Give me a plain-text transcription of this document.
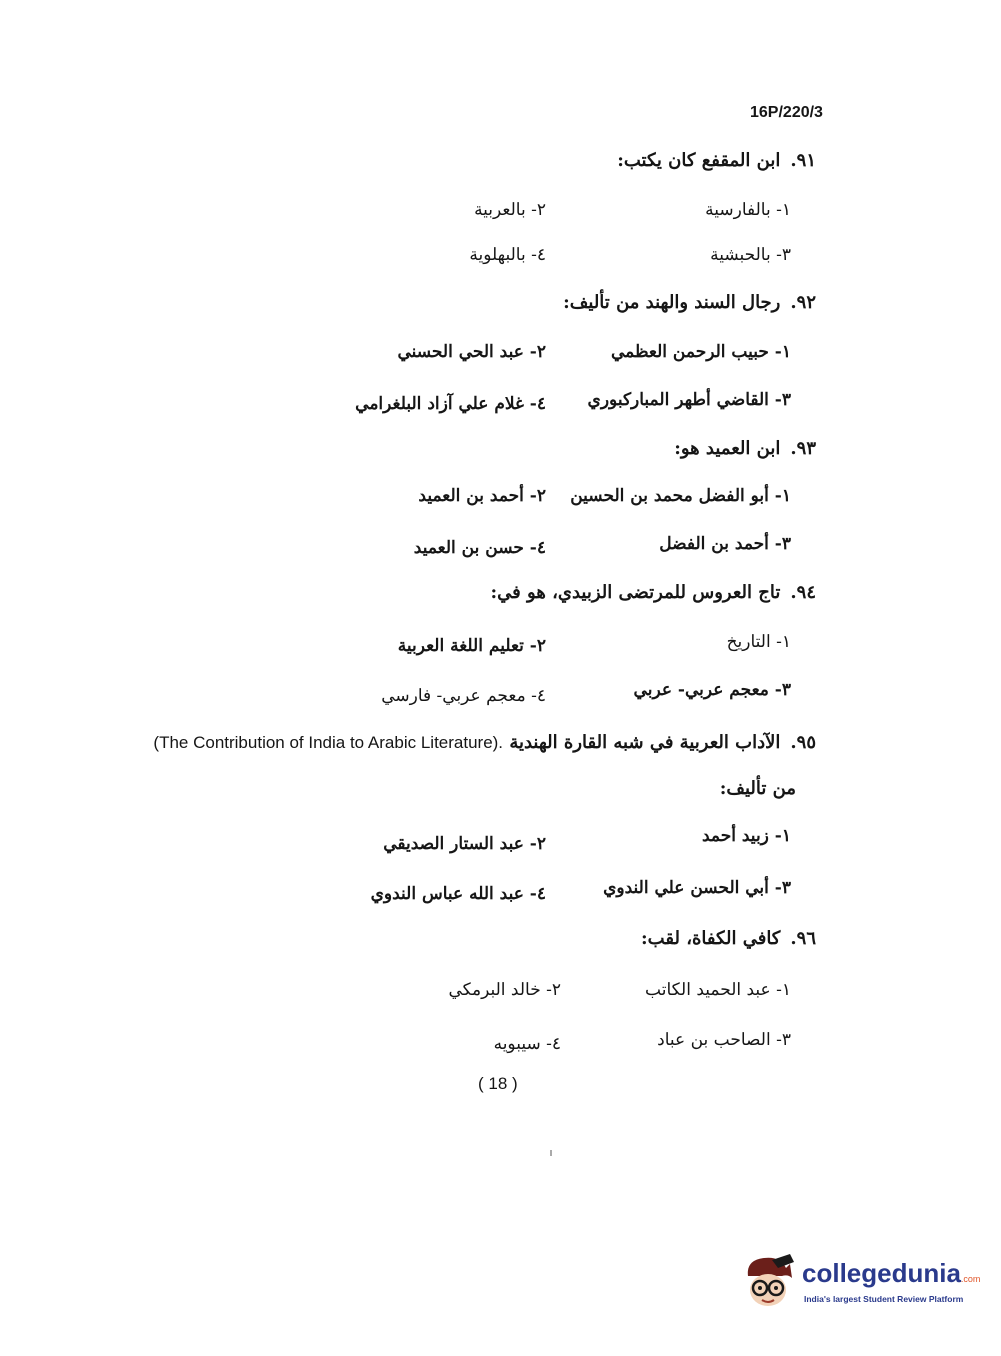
16P/220/3
٩١.ابن المقفع كان يكتب:
١- بالفارسية
٢- بالعربية
٣- بالحبشية
٤- بالبهلوية
٩٢.رجال السند والهند من تأليف:
١- حبيب الرحمن العظمي
٢- عبد الحي الحسني
٣- القاضي أطهر المباركبوري
٤- غلام علي آزاد البلغرامي
٩٣.ابن العميد هو:
١- أبو الفضل محمد بن الحسين
٢- أحمد بن العميد
٣- أحمد بن الفضل
٤- حسن بن العميد
٩٤.تاج العروس للمرتضى الزبيدي، هو في:
١- التاريخ
٢- تعليم اللغة العربية
٣- معجم عربي- عربي
٤- معجم عربي- فارسي
٩٥.الآداب العربية في شبه القارة الهندية (The Contribution of India to Arabic Literature).
من تأليف:
١- زبيد أحمد
٢- عبد الستار الصديقي
٣- أبي الحسن علي الندوي
٤- عبد الله عباس الندوي
٩٦.كافي الكفاة، لقب:
١- عبد الحميد الكاتب
٢- خالد البرمكي
٣- الصاحب بن عباد
٤- سيبويه
( 18 )
collegedunia.com
India's largest Student Review Platform
